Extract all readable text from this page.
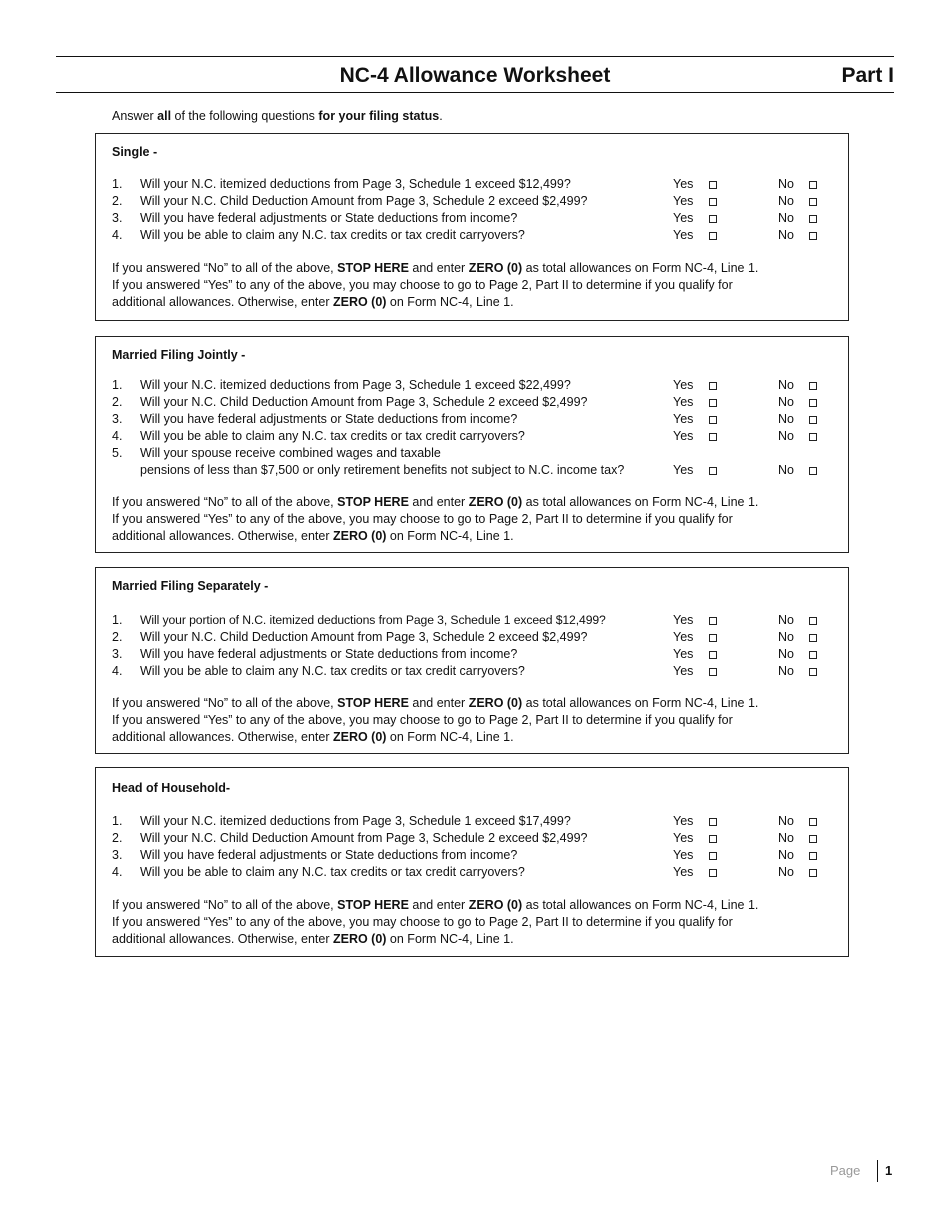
NC-4 Allowance Worksheet	Part I
Answer all of the following questions for your filing status.
Single -
1. Will your N.C. itemized deductions from Page 3, Schedule 1 exceed $12,499?	Yes	No
2. Will your N.C. Child Deduction Amount from Page 3, Schedule 2 exceed $2,499?	Yes	No
3. Will you have federal adjustments or State deductions from income?	Yes	No
4. Will you be able to claim any N.C. tax credits or tax credit carryovers?	Yes	No

If you answered “No” to all of the above, STOP HERE and enter ZERO (0) as total allowances on Form NC-4, Line 1.

If you answered “Yes” to any of the above, you may choose to go to Page 2, Part II to determine if you qualify for

additional allowances. Otherwise, enter ZERO (0) on Form NC-4, Line 1.

Married Filing Jointly -
1. Will your N.C. itemized deductions from Page 3, Schedule 1 exceed $22,499?	Yes	No
2. Will your N.C. Child Deduction Amount from Page 3, Schedule 2 exceed $2,499?	Yes	No
3. Will you have federal adjustments or State deductions from income?	Yes	No
4. Will you be able to claim any N.C. tax credits or tax credit carryovers?	Yes	No
5. Will your spouse receive combined wages and taxable
pensions of less than $7,500 or only retirement benefits not subject to N.C. income tax?	Yes	No

If you answered “No” to all of the above, STOP HERE and enter ZERO (0) as total allowances on Form NC-4, Line 1.

If you answered “Yes” to any of the above, you may choose to go to Page 2, Part II to determine if you qualify for

additional allowances. Otherwise, enter ZERO (0) on Form NC-4, Line 1.

Married Filing Separately -
1. Will your portion of N.C. itemized deductions from Page 3, Schedule 1 exceed $12,499?	Yes	No
2. Will your N.C. Child Deduction Amount from Page 3, Schedule 2 exceed $2,499?	Yes	No
3. Will you have federal adjustments or State deductions from income?	Yes	No
4. Will you be able to claim any N.C. tax credits or tax credit carryovers?	Yes	No

If you answered “No” to all of the above, STOP HERE and enter ZERO (0) as total allowances on Form NC-4, Line 1.

If you answered “Yes” to any of the above, you may choose to go to Page 2, Part II to determine if you qualify for

additional allowances. Otherwise, enter ZERO (0) on Form NC-4, Line 1.

Head of Household-
1. Will your N.C. itemized deductions from Page 3, Schedule 1 exceed $17,499?	Yes	No
2. Will your N.C. Child Deduction Amount from Page 3, Schedule 2 exceed $2,499?	Yes	No
3. Will you have federal adjustments or State deductions from income?	Yes	No
4. Will you be able to claim any N.C. tax credits or tax credit carryovers?	Yes	No

If you answered “No” to all of the above, STOP HERE and enter ZERO (0) as total allowances on Form NC-4, Line 1.

If you answered “Yes” to any of the above, you may choose to go to Page 2, Part II to determine if you qualify for

additional allowances. Otherwise, enter ZERO (0) on Form NC-4, Line 1.

Page 1
